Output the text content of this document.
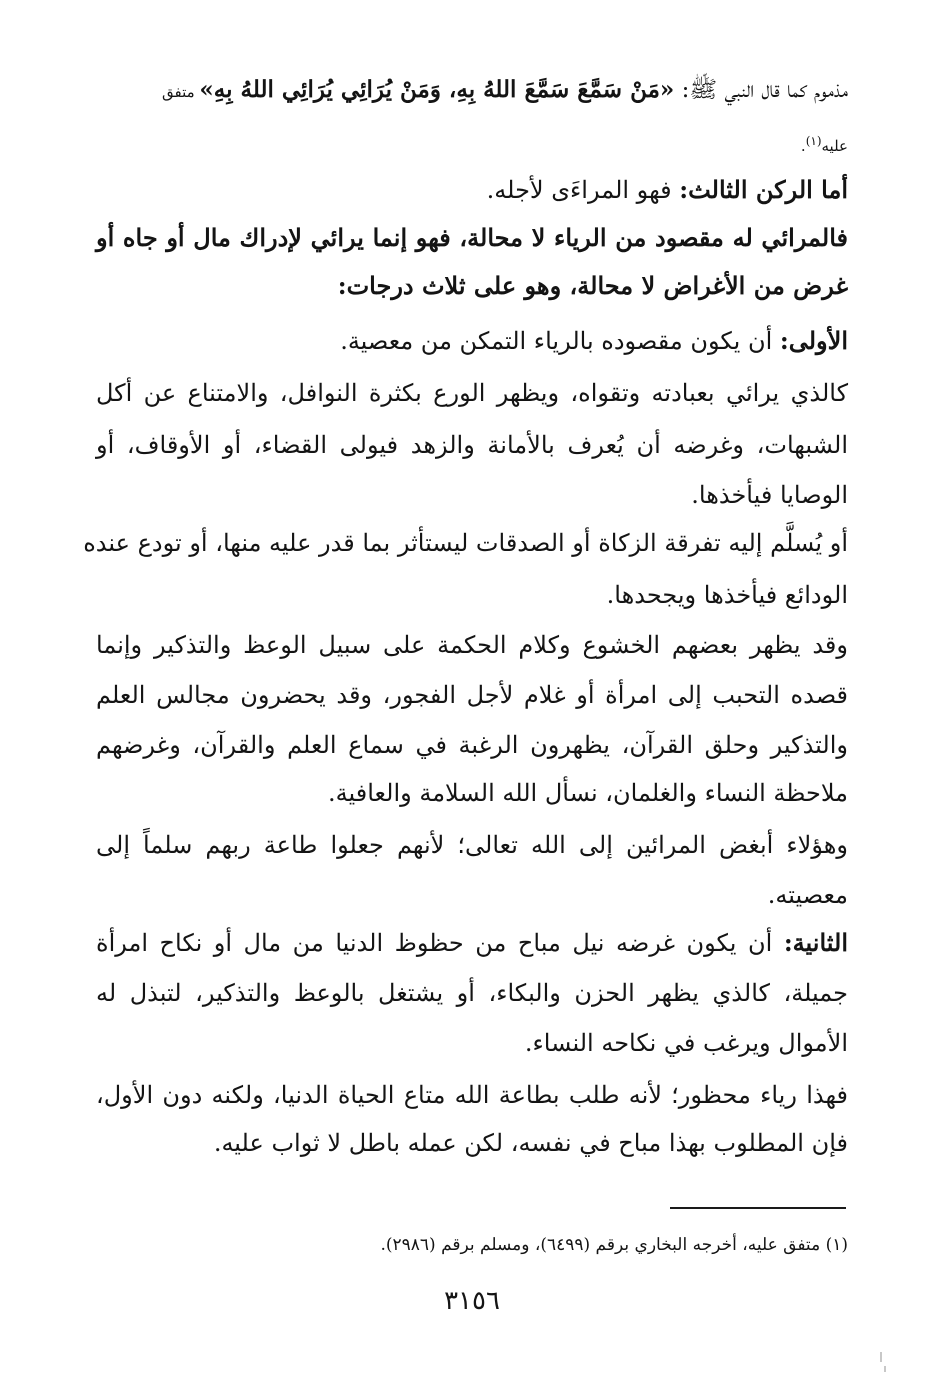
مذموم كما قال النبي ﷺ: «مَنْ سَمَّعَ سَمَّعَ اللهُ بِهِ، وَمَنْ يُرَائِي يُرَائِي اللهُ بِهِ» متفق
عليه$^{(١)}$.
أما الركن الثالث: فهو المراءَى لأجله.
فالمرائي له مقصود من الرياء لا محالة، فهو إنما يرائي لإدراك مال أو جاه أو
غرض من الأغراض لا محالة، وهو على ثلاث درجات:
الأولى: أن يكون مقصوده بالرياء التمكن من معصية.
كالذي يرائي بعبادته وتقواه، ويظهر الورع بكثرة النوافل، والامتناع عن أكل
الشبهات، وغرضه أن يُعرف بالأمانة والزهد فيولى القضاء، أو الأوقاف، أو
الوصايا فيأخذها.
أو يُسلَّم إليه تفرقة الزكاة أو الصدقات ليستأثر بما قدر عليه منها، أو تودع عنده
الودائع فيأخذها ويجحدها.
وقد يظهر بعضهم الخشوع وكلام الحكمة على سبيل الوعظ والتذكير وإنما
قصده التحبب إلى امرأة أو غلام لأجل الفجور، وقد يحضرون مجالس العلم
والتذكير وحلق القرآن، يظهرون الرغبة في سماع العلم والقرآن، وغرضهم
ملاحظة النساء والغلمان، نسأل الله السلامة والعافية.
وهؤلاء أبغض المرائين إلى الله تعالى؛ لأنهم جعلوا طاعة ربهم سلماً إلى
معصيته.
الثانية: أن يكون غرضه نيل مباح من حظوظ الدنيا من مال أو نكاح امرأة
جميلة، كالذي يظهر الحزن والبكاء، أو يشتغل بالوعظ والتذكير، لتبذل له
الأموال ويرغب في نكاحه النساء.
فهذا رياء محظور؛ لأنه طلب بطاعة الله متاع الحياة الدنيا، ولكنه دون الأول،
فإن المطلوب بهذا مباح في نفسه، لكن عمله باطل لا ثواب عليه.
(١) متفق عليه، أخرجه البخاري برقم (٦٤٩٩)، ومسلم برقم (٢٩٨٦).
٣١٥٦
